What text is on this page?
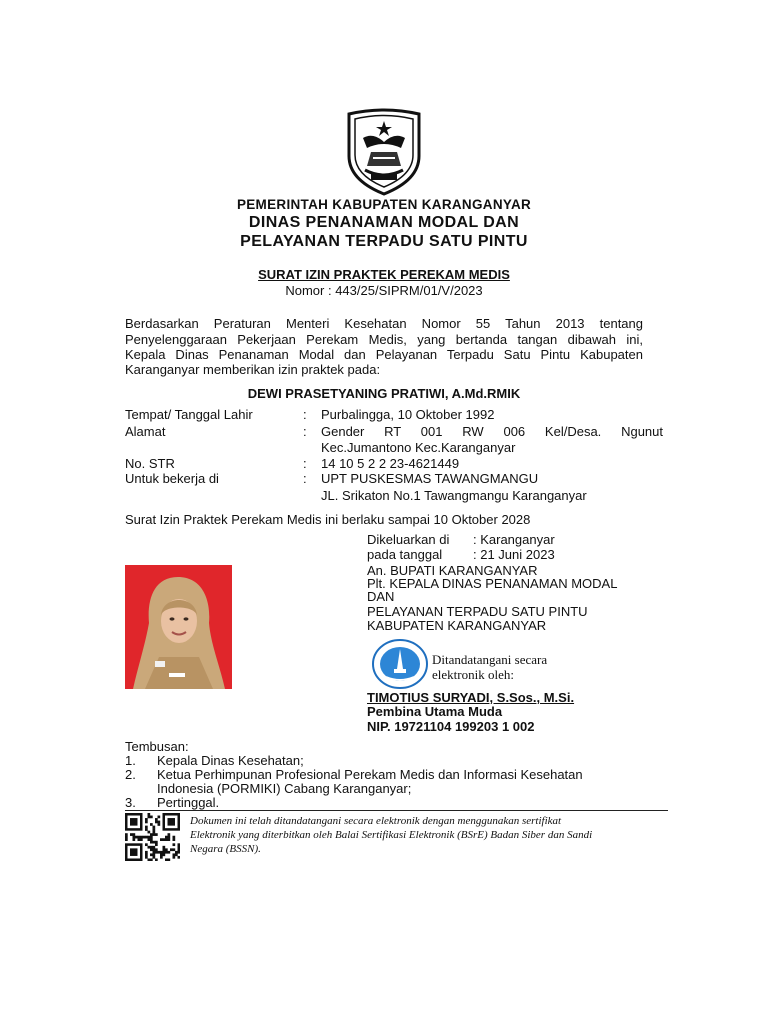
PEMERINTAH KABUPATEN KARANGANYAR
DINAS PENANAMAN MODAL DAN
PELAYANAN TERPADU SATU PINTU
SURAT IZIN PRAKTEK PEREKAM MEDIS
Nomor : 443/25/SIPRM/01/V/2023
Berdasarkan Peraturan Menteri Kesehatan Nomor 55 Tahun 2013 tentang
Penyelenggaraan Pekerjaan Perekam Medis, yang bertanda tangan dibawah ini,
Kepala Dinas Penanaman Modal dan Pelayanan Terpadu Satu Pintu Kabupaten
Karanganyar memberikan izin praktek pada:
DEWI PRASETYANING PRATIWI, A.Md.RMIK
Tempat/ Tanggal Lahir	: Purbalingga, 10 Oktober 1992
Alamat	: Gender RT 001 RW 006 Kel/Desa. Ngunut
Kec.Jumantono Kec.Karanganyar
No. STR	: 14 10 5 2 2 23-4621449
Untuk bekerja di	: UPT PUSKESMAS TAWANGMANGU
JL. Srikaton No.1 Tawangmangu Karanganyar
Surat Izin Praktek Perekam Medis ini berlaku sampai 10 Oktober 2028
Dikeluarkan di : Karanganyar
pada tanggal : 21 Juni 2023
An. BUPATI KARANGANYAR
Plt. KEPALA DINAS PENANAMAN MODAL
DAN
PELAYANAN TERPADU SATU PINTU
KABUPATEN KARANGANYAR
Ditandatangani secara
elektronik oleh:
TIMOTIUS SURYADI, S.Sos., M.Si.
Pembina Utama Muda
NIP. 19721104 199203 1 002
Tembusan:
1. Kepala Dinas Kesehatan;
2. Ketua Perhimpunan Profesional Perekam Medis dan Informasi Kesehatan
Indonesia (PORMIKI) Cabang Karanganyar;
3. Pertinggal.
Dokumen ini telah ditandatangani secara elektronik dengan menggunakan sertifikat
Elektronik yang diterbitkan oleh Balai Sertifikasi Elektronik (BSrE) Badan Siber dan Sandi
Negara (BSSN).
